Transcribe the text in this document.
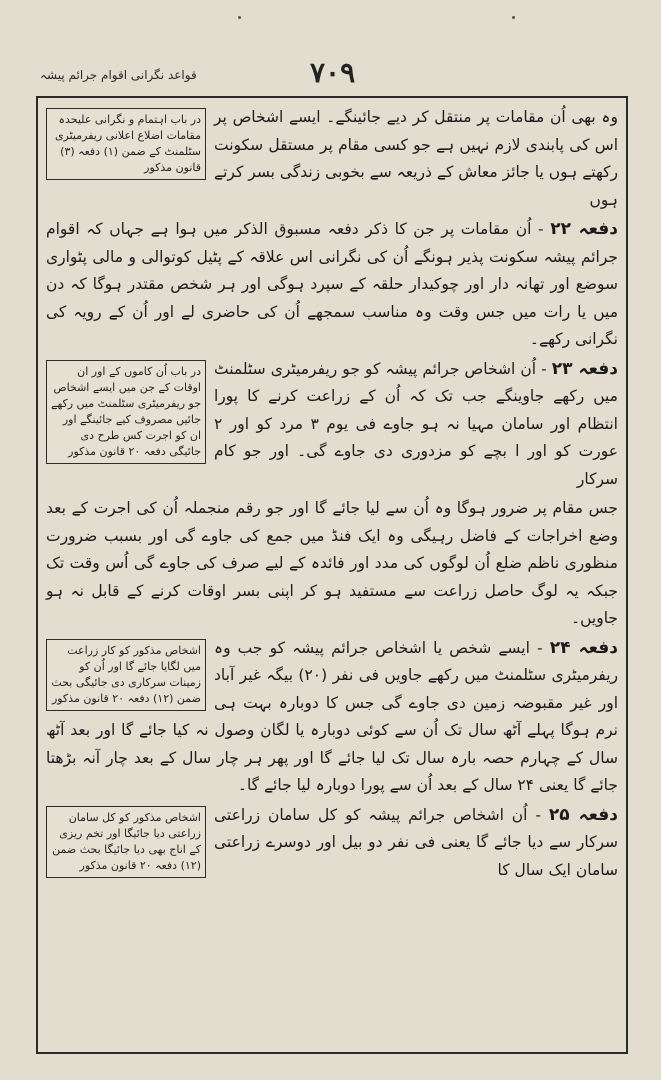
قواعد نگرانی اقوام جرائم پیشہ	۷۰۹
در باب اہتمام و نگرانی علیحدہ مقامات اضلاع اعلانی ریفرمیٹری سٹلمنٹ کے ضمن (۱) دفعہ (۳) قانون مذکور
وہ بھی اُن مقامات پر منتقل کر دیے جائینگے۔ ایسے اشخاص پر اس کی پابندی لازم نہیں ہے جو کسی مقام پر مستقل سکونت رکھتے ہوں یا جائز معاش کے ذریعہ سے بخوبی زندگی بسر کرتے ہوں
دفعہ ۲۲ - اُن مقامات پر جن کا ذکر دفعہ مسبوق الذکر میں ہوا ہے جہاں کہ اقوام جرائم پیشہ سکونت پذیر ہونگے اُن کی نگرانی اس علاقہ کے پٹیل کوتوالی و مالی پٹواری سوضع اور تھانہ دار اور چوکیدار حلقہ کے سپرد ہوگی اور ہر شخص مقتدر ہوگا کہ دن میں یا رات میں جس وقت وہ مناسب سمجھے اُن کی حاضری لے اور اُن کے رویہ کی نگرانی رکھے۔
در باب اُن کاموں کے اور ان اوقات کے جن میں ایسے اشخاص جو ریفرمیٹری سٹلمنٹ میں رکھے جائیں مصروف کیے جائینگے اور ان کو اجرت کس طرح دی جائیگی دفعہ ۲۰ قانون مذکور
دفعہ ۲۳ - اُن اشخاص جرائم پیشہ کو جو ریفرمیٹری سٹلمنٹ میں رکھے جاوینگے جب تک کہ اُن کے زراعت کرنے کا پورا انتظام اور سامان مہیا نہ ہو جاوے فی یوم ۳ مرد کو اور ۲ عورت کو اور ا بچے کو مزدوری دی جاوے گی۔ اور جو کام سرکار
جس مقام پر ضرور ہوگا وہ اُن سے لیا جائے گا اور جو رقم منجملہ اُن کی اجرت کے بعد وضع اخراجات کے فاضل رہیگی وہ ایک فنڈ میں جمع کی جاوے گی اور بسبب ضرورت منظوری ناظم ضلع اُن لوگوں کی مدد اور فائدہ کے لیے صرف کی جاوے گی اُس وقت تک جبکہ یہ لوگ حاصل زراعت سے مستفید ہو کر اپنی بسر اوقات کرنے کے قابل نہ ہو جاویں۔
اشخاص مذکور کو کار زراعت میں لگایا جائے گا اور اُن کو زمینات سرکاری دی جائیگی بحث ضمن (۱۲) دفعہ ۲۰ قانون مذکور
دفعہ ۲۴ - ایسے شخص یا اشخاص جرائم پیشہ کو جب وہ ریفرمیٹری سٹلمنٹ میں رکھے جاویں فی نفر (۲۰) بیگہ غیر آباد اور غیر مقبوضہ زمین دی جاوے گی جس کا دوبارہ بہت ہی نرم ہوگا پہلے آٹھ سال تک اُن سے کوئی دوبارہ یا لگان وصول نہ کیا جائے گا اور بعد آٹھ سال کے چہارم حصہ بارہ سال تک لیا جائے گا اور پھر ہر چار سال کے بعد چار آنہ بڑھتا جائے گا یعنی ۲۴ سال کے بعد اُن سے پورا دوبارہ لیا جائے گا۔
اشخاص مذکور کو کل سامان زراعتی دیا جائیگا اور تخم ریزی کے اناج بھی دیا جائیگا بحث ضمن (۱۲) دفعہ ۲۰ قانون مذکور
دفعہ ۲۵ - اُن اشخاص جرائم پیشہ کو کل سامان زراعتی سرکار سے دیا جائے گا یعنی فی نفر دو بیل اور دوسرے زراعتی سامان ایک سال کا
